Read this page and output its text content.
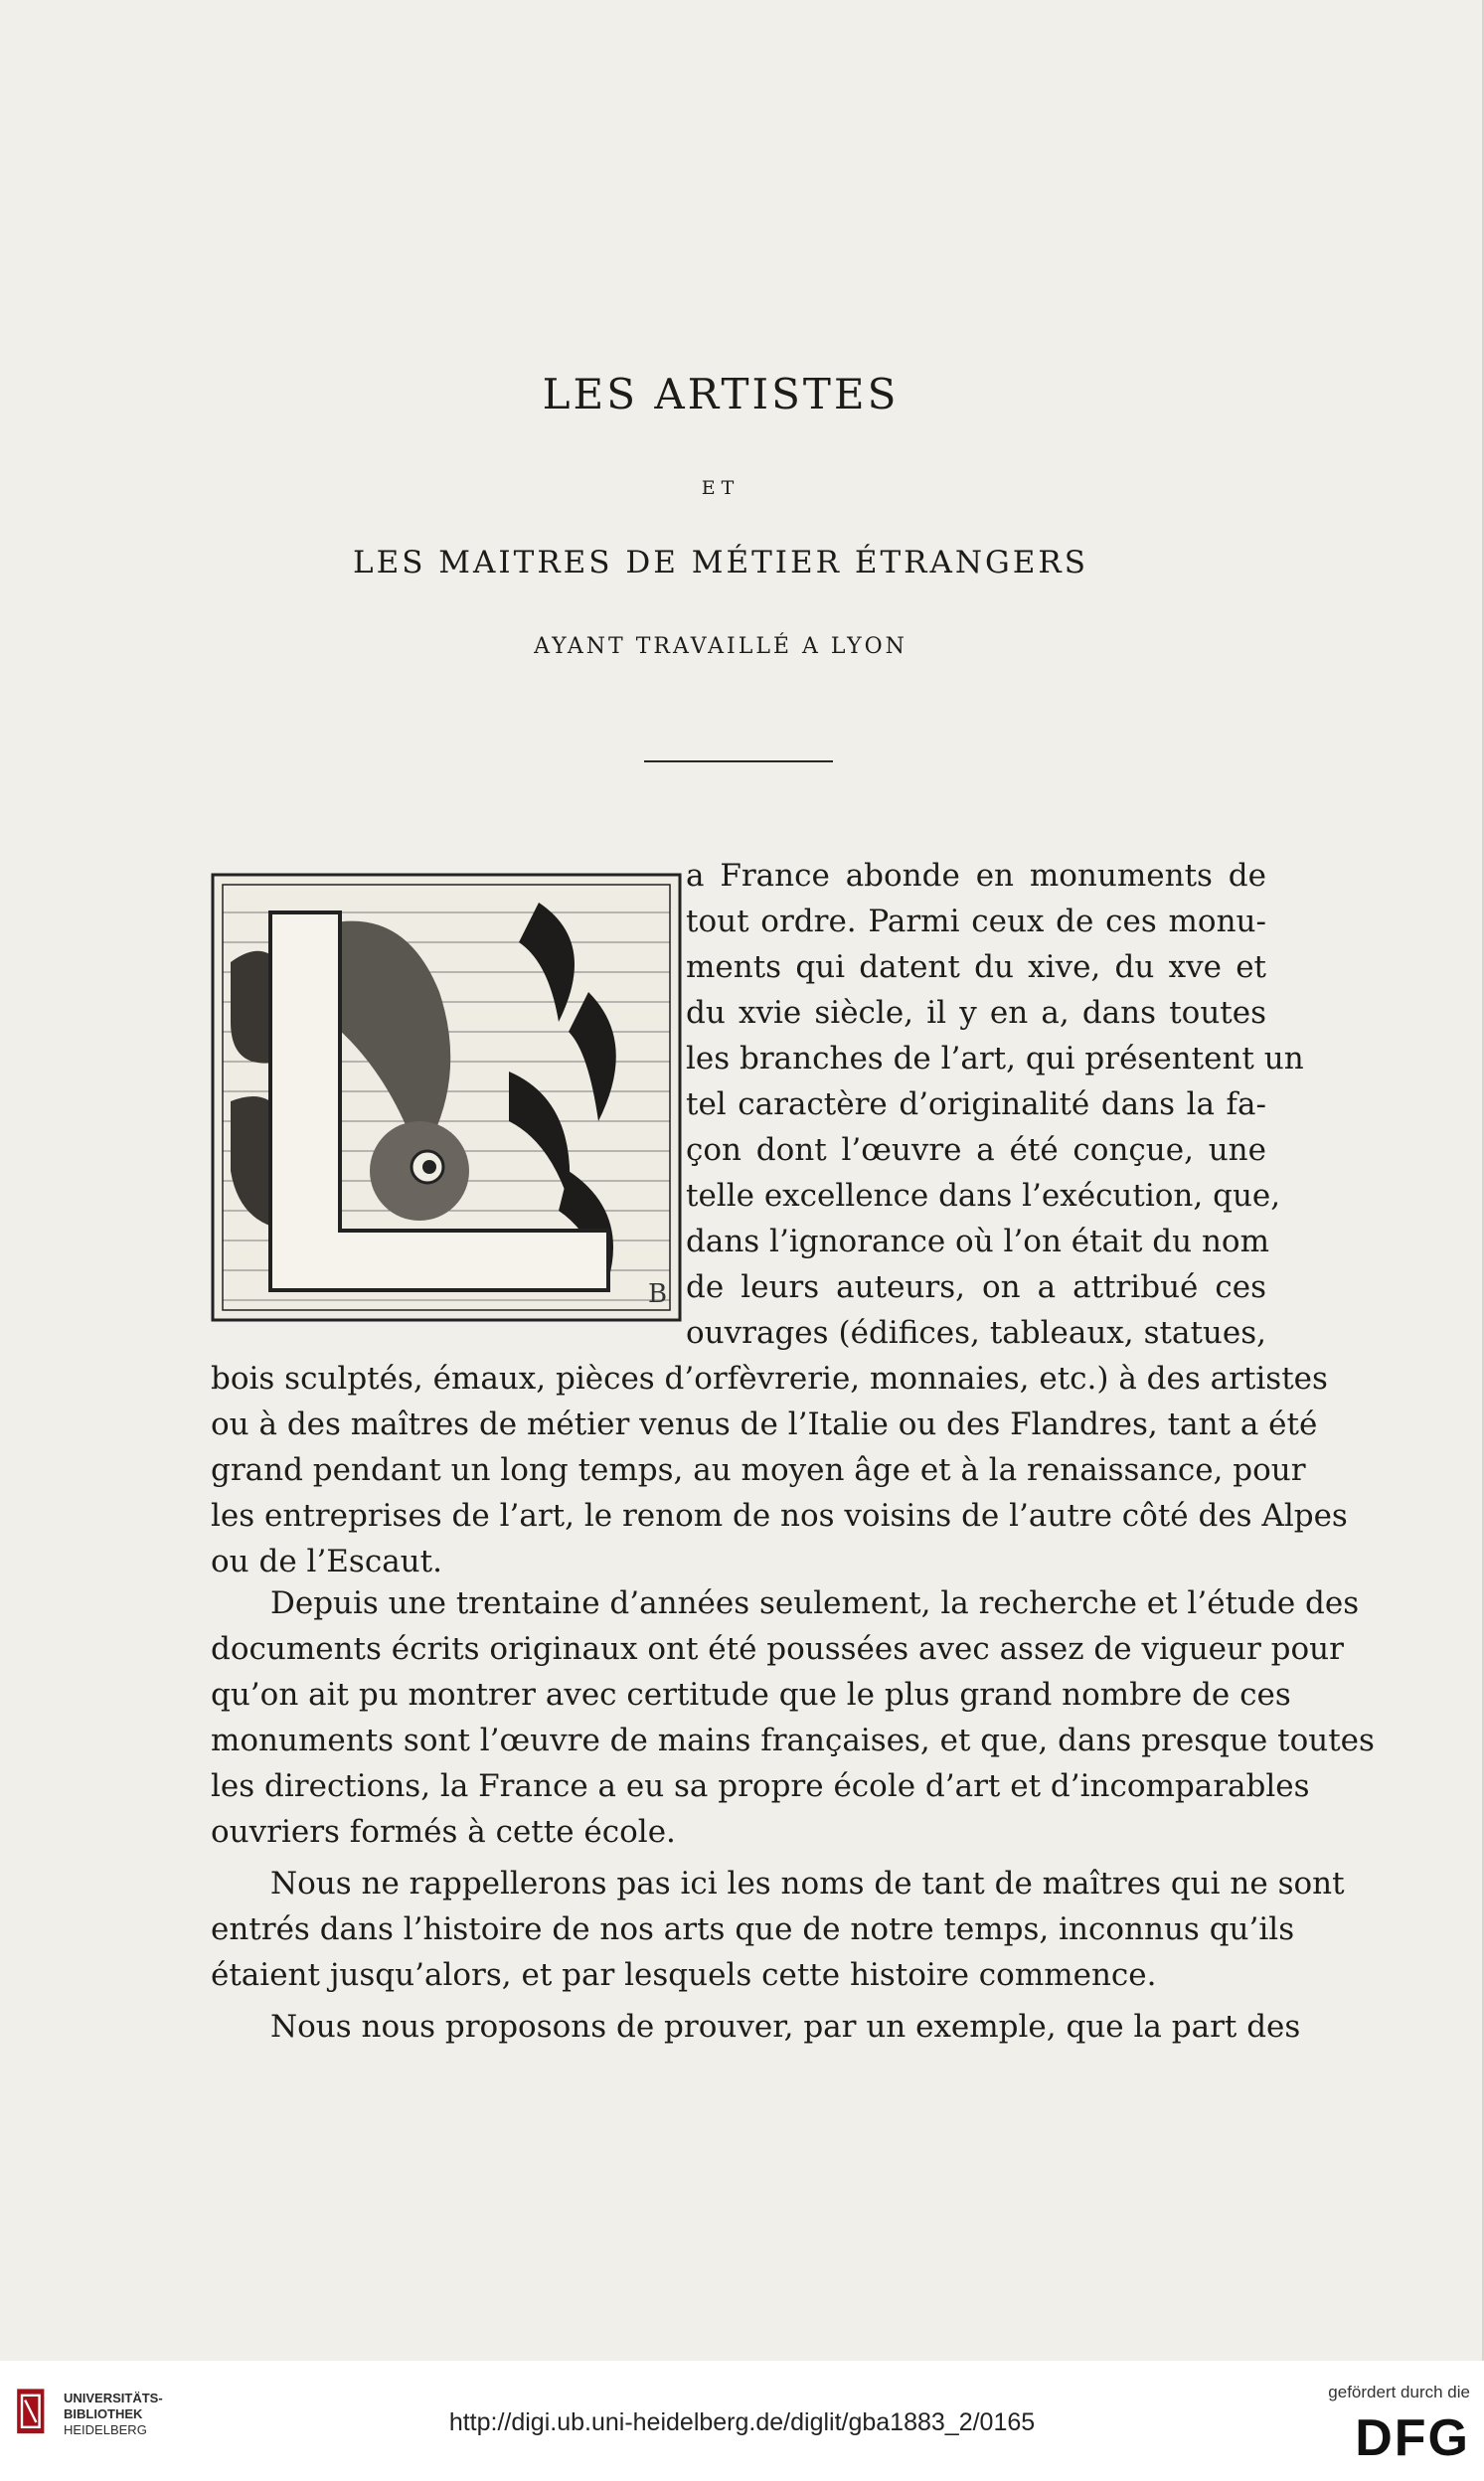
LES ARTISTES
ET
LES MAITRES DE MÉTIER ÉTRANGERS
AYANT TRAVAILLÉ A LYON
B
a France abonde en monuments de
tout ordre. Parmi ceux de ces monu-
ments qui datent du xive, du xve et
du xvie siècle, il y en a, dans toutes
les branches de l’art, qui présentent un
tel caractère d’originalité dans la fa-
çon dont l’œuvre a été conçue, une
telle excellence dans l’exécution, que,
dans l’ignorance où l’on était du nom
de leurs auteurs, on a attribué ces
ouvrages (édifices, tableaux, statues,
bois sculptés, émaux, pièces d’orfèvrerie, monnaies, etc.) à des artistes
ou à des maîtres de métier venus de l’Italie ou des Flandres, tant a été
grand pendant un long temps, au moyen âge et à la renaissance, pour
les entreprises de l’art, le renom de nos voisins de l’autre côté des Alpes
ou de l’Escaut.
Depuis une trentaine d’années seulement, la recherche et l’étude des
documents écrits originaux ont été poussées avec assez de vigueur pour
qu’on ait pu montrer avec certitude que le plus grand nombre de ces
monuments sont l’œuvre de mains françaises, et que, dans presque toutes
les directions, la France a eu sa propre école d’art et d’incomparables
ouvriers formés à cette école.
Nous ne rappellerons pas ici les noms de tant de maîtres qui ne sont
entrés dans l’histoire de nos arts que de notre temps, inconnus qu’ils
étaient jusqu’alors, et par lesquels cette histoire commence.
Nous nous proposons de prouver, par un exemple, que la part des
UNIVERSITÄTS-
BIBLIOTHEK
HEIDELBERG	http://digi.ub.uni-heidelberg.de/diglit/gba1883_2/0165
gefördert durch die
DFG
